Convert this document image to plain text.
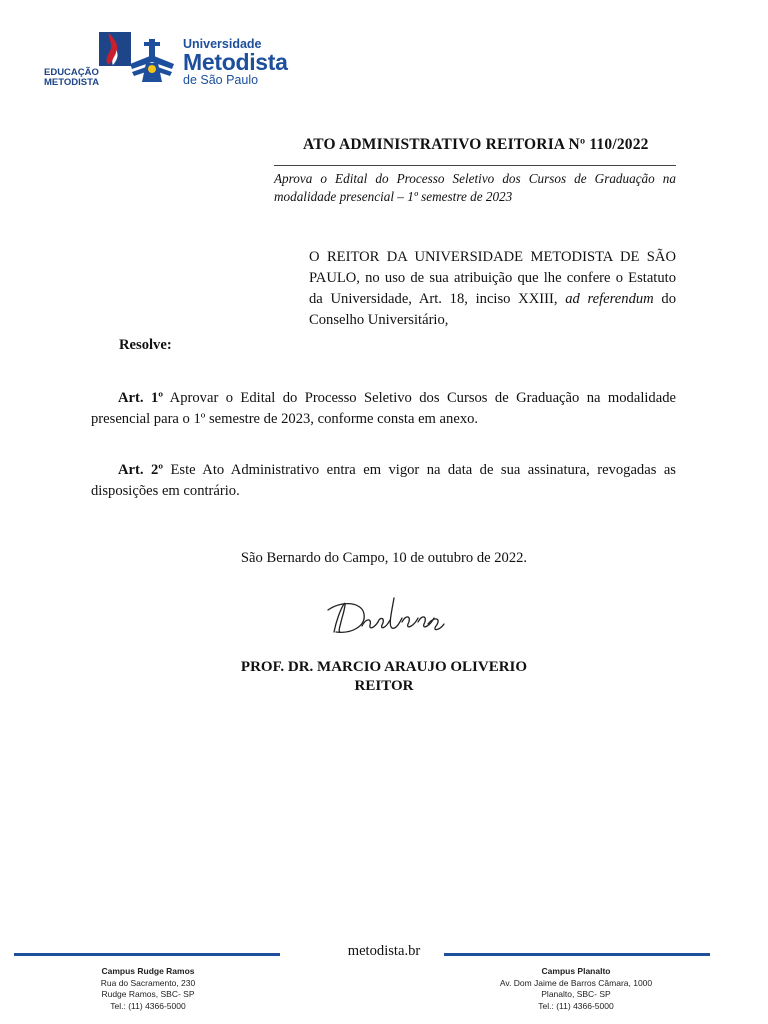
EDUCAÇÃO
METODISTA
Universidade
Metodista
de São Paulo
ATO ADMINISTRATIVO REITORIA Nº 110/2022
Aprova o Edital do Processo Seletivo dos Cursos de Graduação na modalidade presencial – 1º semestre de 2023
O REITOR DA UNIVERSIDADE METODISTA DE SÃO PAULO, no uso de sua atribuição que lhe confere o Estatuto da Universidade, Art. 18, inciso XXIII, ad referendum do Conselho Universitário,
Resolve:
Art. 1º Aprovar o Edital do Processo Seletivo dos Cursos de Graduação na modalidade presencial para o 1º semestre de 2023, conforme consta em anexo.
Art. 2º Este Ato Administrativo entra em vigor na data de sua assinatura, revogadas as disposições em contrário.
São Bernardo do Campo, 10 de outubro de 2022.
PROF. DR. MARCIO ARAUJO OLIVERIO
REITOR
metodista.br
Campus Rudge Ramos
Rua do Sacramento, 230
Rudge Ramos, SBC- SP
Tel.: (11) 4366-5000
Campus Planalto
Av. Dom Jaime de Barros Câmara, 1000
Planalto, SBC- SP
Tel.: (11) 4366-5000
